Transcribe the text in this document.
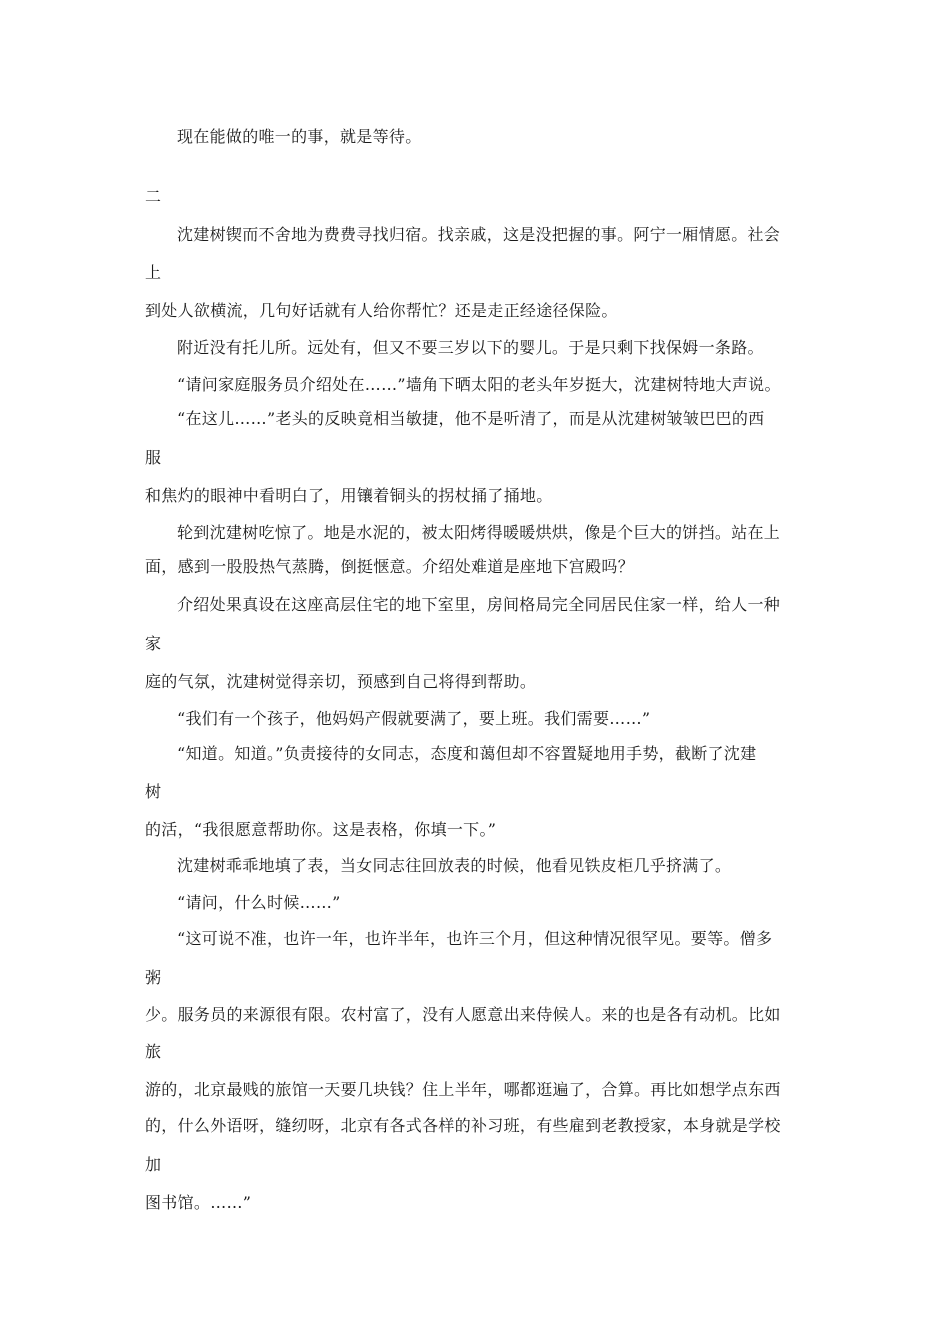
现在能做的唯一的事，就是等待。
二
沈建树锲而不舍地为费费寻找归宿。找亲戚，这是没把握的事。阿宁一厢情愿。社会
上
到处人欲横流，几句好话就有人给你帮忙？还是走正经途径保险。
附近没有托儿所。远处有，但又不要三岁以下的婴儿。于是只剩下找保姆一条路。
“请问家庭服务员介绍处在……”墙角下晒太阳的老头年岁挺大，沈建树特地大声说。
“在这儿……”老头的反映竟相当敏捷，他不是听清了，而是从沈建树皱皱巴巴的西
服
和焦灼的眼神中看明白了，用镶着铜头的拐杖捅了捅地。
轮到沈建树吃惊了。地是水泥的，被太阳烤得暖暖烘烘，像是个巨大的饼挡。站在上
面，感到一股股热气蒸腾，倒挺惬意。介绍处难道是座地下宫殿吗？
介绍处果真设在这座高层住宅的地下室里，房间格局完全同居民住家一样，给人一种
家
庭的气氛，沈建树觉得亲切，预感到自己将得到帮助。
“我们有一个孩子，他妈妈产假就要满了，要上班。我们需要……”
“知道。知道。”负责接待的女同志，态度和蔼但却不容置疑地用手势，截断了沈建
树
的活，“我很愿意帮助你。这是表格，你填一下。”
沈建树乖乖地填了表，当女同志往回放表的时候，他看见铁皮柜几乎挤满了。
“请问，什么时候……”
“这可说不准，也许一年，也许半年，也许三个月，但这种情况很罕见。要等。僧多
粥
少。服务员的来源很有限。农村富了，没有人愿意出来侍候人。来的也是各有动机。比如
旅
游的，北京最贱的旅馆一天要几块钱？住上半年，哪都逛遍了，合算。再比如想学点东西
的，什么外语呀，缝纫呀，北京有各式各样的补习班，有些雇到老教授家，本身就是学校
加
图书馆。……”
